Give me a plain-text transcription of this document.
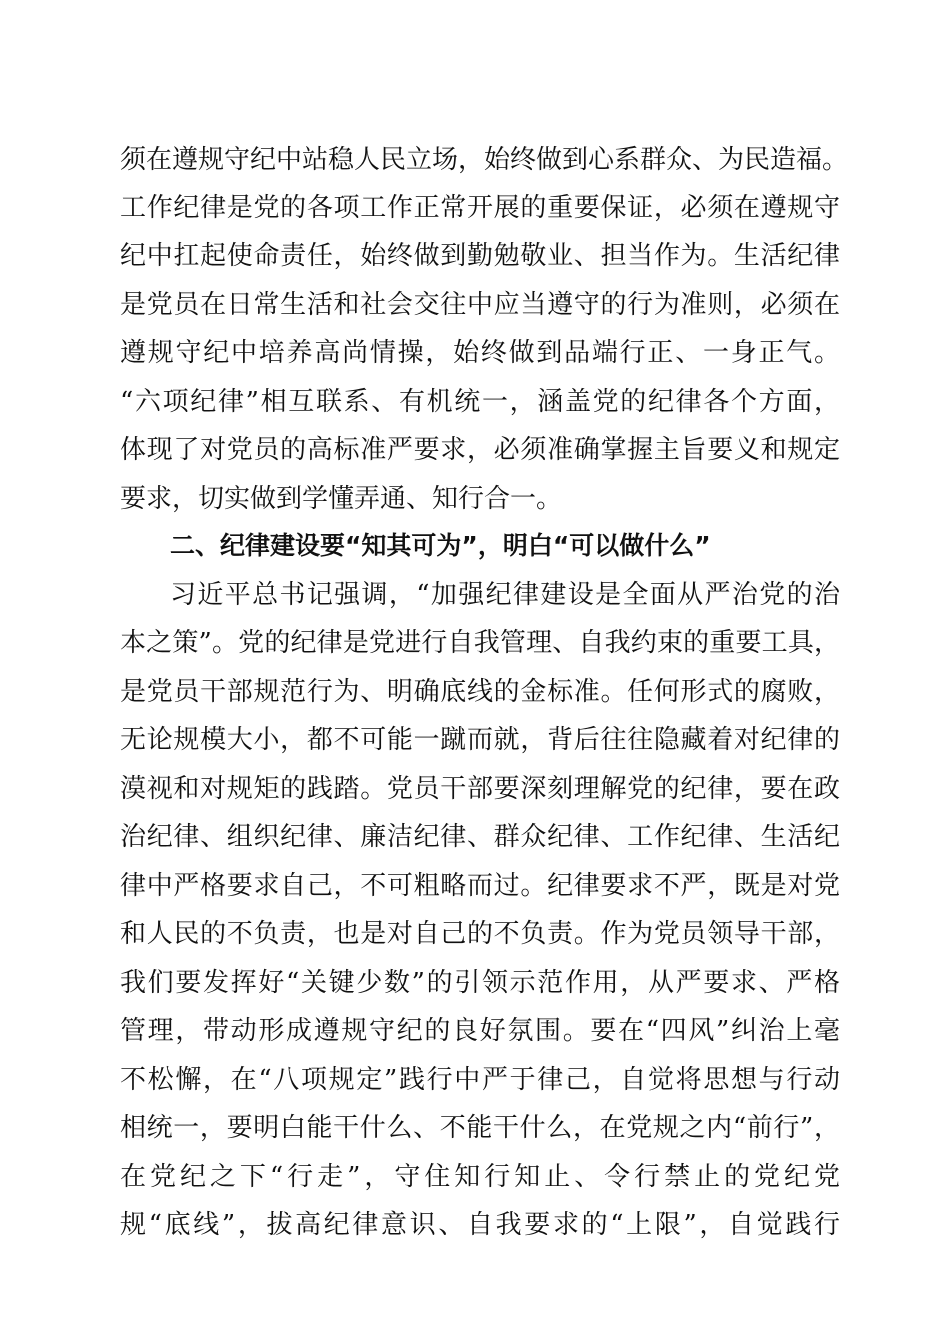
须在遵规守纪中站稳人民立场，始终做到心系群众、为民造福。
工作纪律是党的各项工作正常开展的重要保证，必须在遵规守
纪中扛起使命责任，始终做到勤勉敬业、担当作为。生活纪律
是党员在日常生活和社会交往中应当遵守的行为准则，必须在
遵规守纪中培养高尚情操，始终做到品端行正、一身正气。
“六项纪律”相互联系、有机统一，涵盖党的纪律各个方面，
体现了对党员的高标准严要求，必须准确掌握主旨要义和规定
要求，切实做到学懂弄通、知行合一。
二、纪律建设要“知其可为”，明白“可以做什么”
习近平总书记强调，“加强纪律建设是全面从严治党的治
本之策”。党的纪律是党进行自我管理、自我约束的重要工具，
是党员干部规范行为、明确底线的金标准。任何形式的腐败，
无论规模大小，都不可能一蹴而就，背后往往隐藏着对纪律的
漠视和对规矩的践踏。党员干部要深刻理解党的纪律，要在政
治纪律、组织纪律、廉洁纪律、群众纪律、工作纪律、生活纪
律中严格要求自己，不可粗略而过。纪律要求不严，既是对党
和人民的不负责，也是对自己的不负责。作为党员领导干部，
我们要发挥好“关键少数”的引领示范作用，从严要求、严格
管理，带动形成遵规守纪的良好氛围。要在“四风”纠治上毫
不松懈，在“八项规定”践行中严于律己，自觉将思想与行动
相统一，要明白能干什么、不能干什么，在党规之内“前行”，
在党纪之下“行走”，守住知行知止、令行禁止的党纪党
规“底线”，拔高纪律意识、自我要求的“上限”，自觉践行
